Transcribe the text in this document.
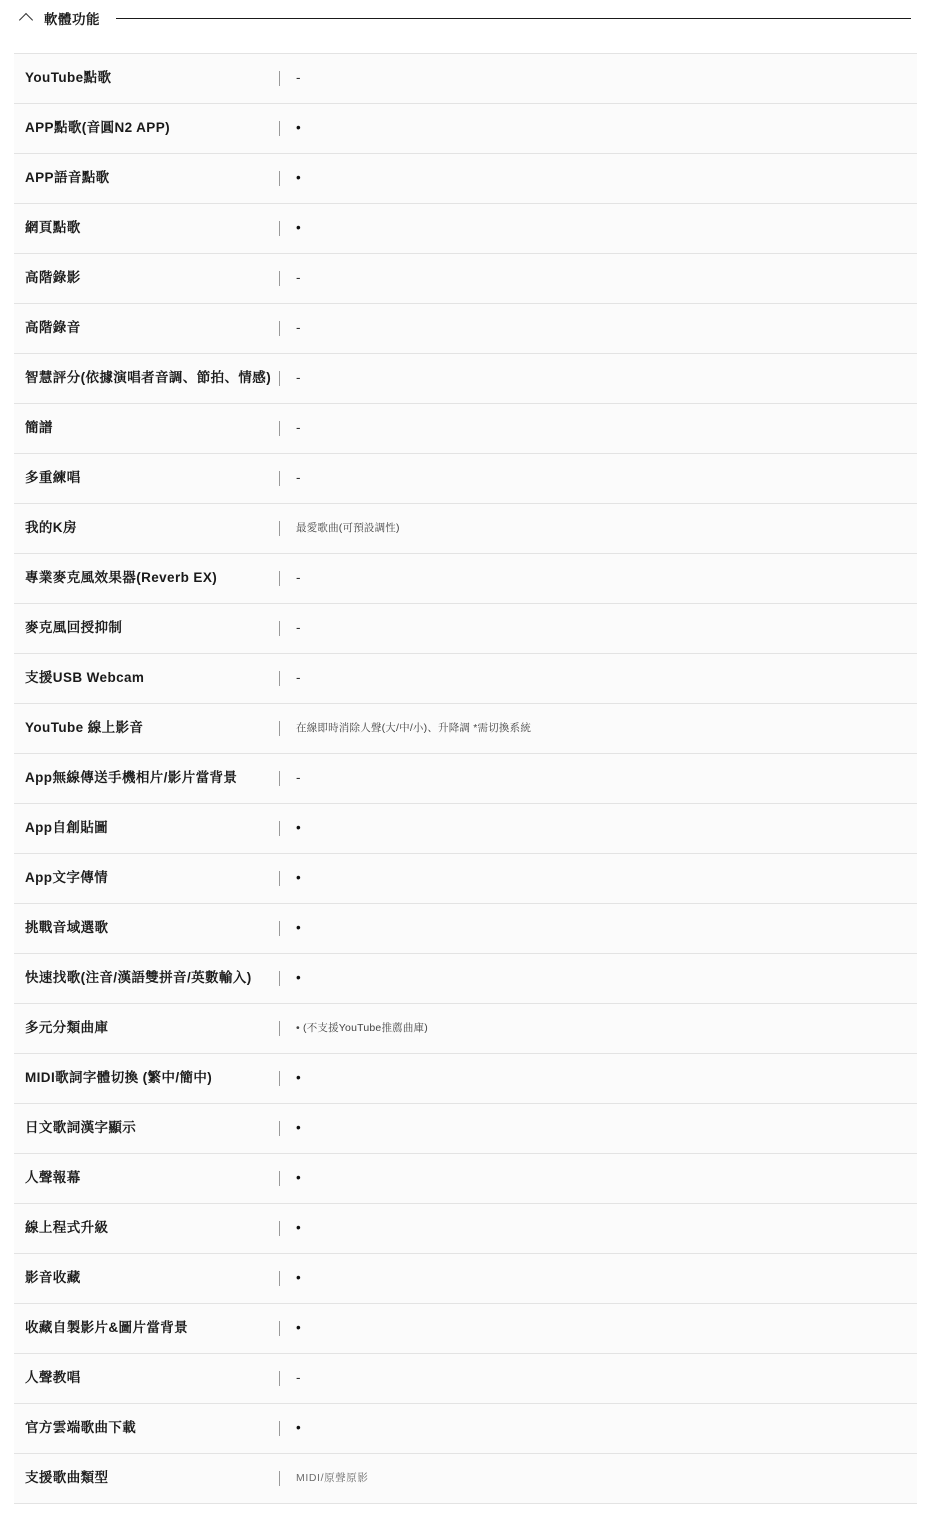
軟體功能
YouTube點歌	-
APP點歌(音圓N2 APP)	•
APP語音點歌	•
網頁點歌	•
高階錄影	-
高階錄音	-
智慧評分(依據演唱者音調、節拍、情感)	-
簡譜	-
多重練唱	-
我的K房	最愛歌曲(可預設調性)
專業麥克風效果器(Reverb EX)	-
麥克風回授抑制	-
支援USB Webcam	-
YouTube 線上影音	在線即時消除人聲(大/中/小)、升降調 *需切換系統
App無線傳送手機相片/影片當背景	-
App自創貼圖	•
App文字傳情	•
挑戰音域選歌	•
快速找歌(注音/漢語雙拼音/英數輸入)	•
多元分類曲庫	• (不支援YouTube推薦曲庫)
MIDI歌詞字體切換 (繁中/簡中)	•
日文歌詞漢字顯示	•
人聲報幕	•
線上程式升級	•
影音收藏	•
收藏自製影片&圖片當背景	•
人聲教唱	-
官方雲端歌曲下載	•
支援歌曲類型	MIDI/原聲原影
